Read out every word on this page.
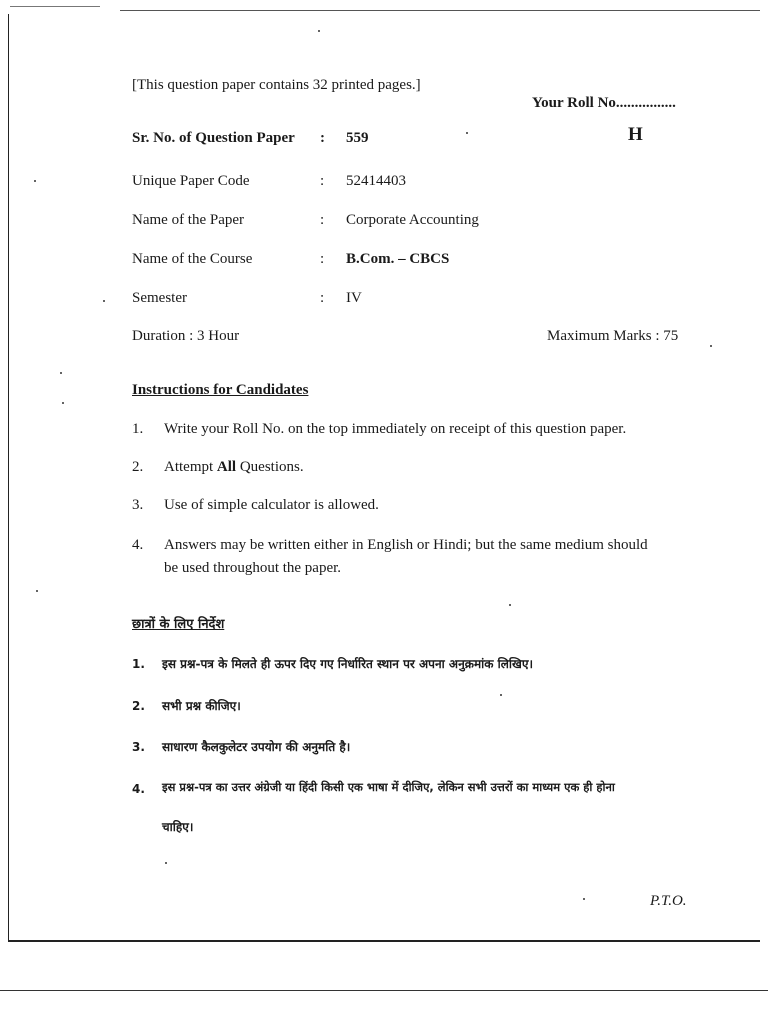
[This question paper contains 32 printed pages.]
Your Roll No................
H
Sr. No. of Question Paper : 559
Unique Paper Code	: 52414403
Name of the Paper	: Corporate Accounting
Name of the Course	: B.Com. – CBCS
Semester	: IV
Duration : 3 Hour	Maximum Marks : 75
Instructions for Candidates
1. Write your Roll No. on the top immediately on receipt of this question paper.
2. Attempt All Questions.
3. Use of simple calculator is allowed.
4. Answers may be written either in English or Hindi; but the same medium should
be used throughout the paper.
छात्रों के लिए निर्देश
1. इस प्रश्न-पत्र के मिलते ही ऊपर दिए गए निर्धारित स्थान पर अपना अनुक्रमांक लिखिए।
2. सभी प्रश्न कीजिए।
3. साधारण कैलकुलेटर उपयोग की अनुमति है।
4. इस प्रश्न-पत्र का उत्तर अंग्रेजी या हिंदी किसी एक भाषा में दीजिए, लेकिन सभी उत्तरों का माध्यम एक ही होना
चाहिए।
P.T.O.
